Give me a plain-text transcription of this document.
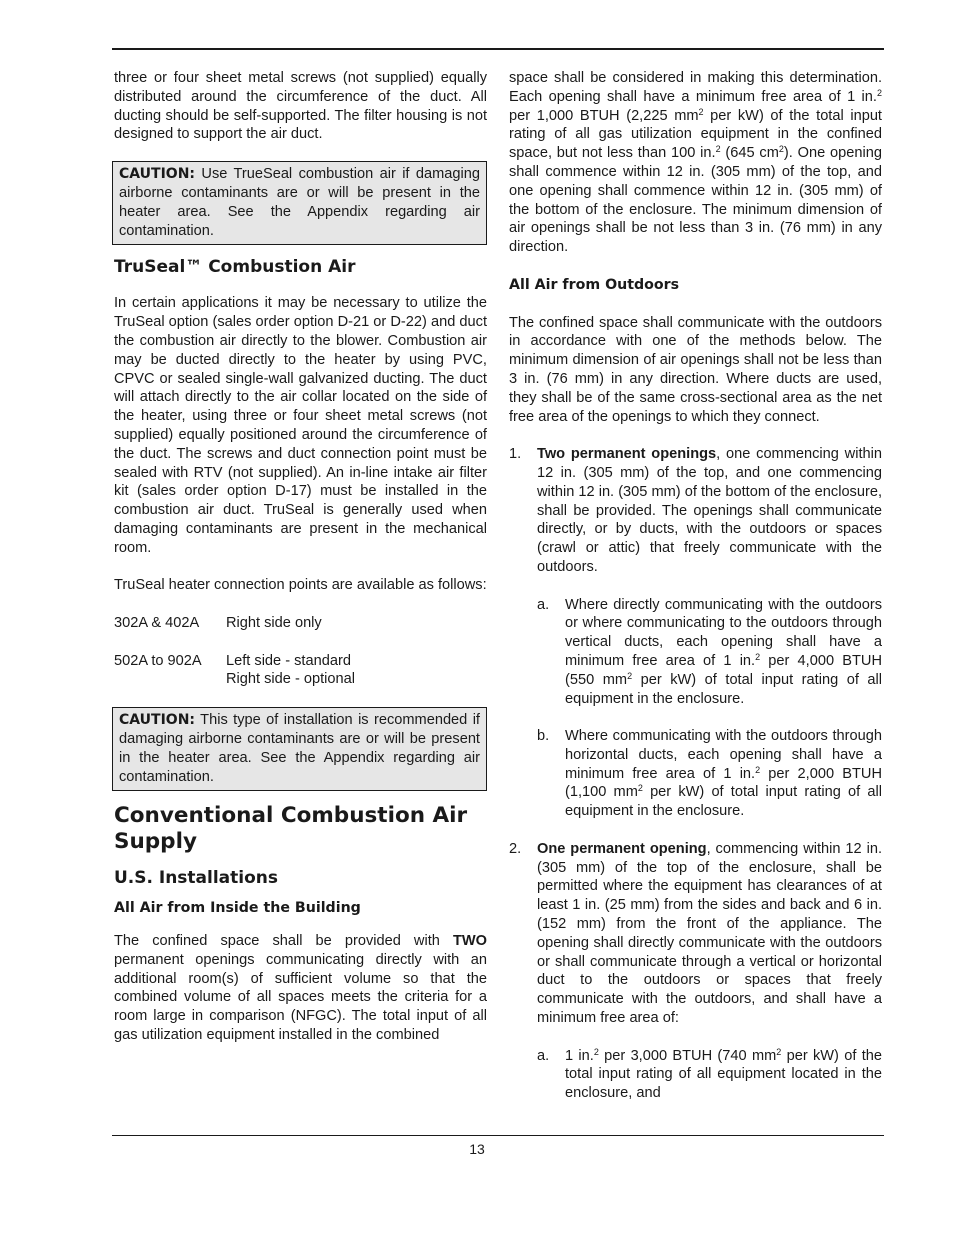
three or four sheet metal screws (not supplied) equally distributed around the circumference of the duct. All ducting should be self-supported. The filter housing is not designed to support the air duct.

CAUTION: Use TrueSeal combustion air if damaging airborne contaminants are or will be present in the heater area. See the Appendix regarding air contamination.

TruSeal™ Combustion Air

In certain applications it may be necessary to utilize the TruSeal option (sales order option D-21 or D-22) and duct the combustion air directly to the blower. Combustion air may be ducted directly to the heater by using PVC, CPVC or sealed single-wall galvanized ducting. The duct will attach directly to the air collar located on the side of the heater, using three or four sheet metal screws (not supplied) equally positioned around the circumference of the duct. The screws and duct connection point must be sealed with RTV (not supplied). An in-line intake air filter kit (sales order option D-17) must be installed in the combustion air duct. TruSeal is generally used when damaging contaminants are present in the mechanical room.

TruSeal heater connection points are available as follows:

302A & 402A	Right side only
502A to 902A	Left side - standard
Right side - optional

CAUTION: This type of installation is recommended if damaging airborne contaminants are or will be present in the heater area. See the Appendix regarding air contamination.

Conventional Combustion Air Supply
U.S. Installations
All Air from Inside the Building

The confined space shall be provided with TWO permanent openings communicating directly with an additional room(s) of sufficient volume so that the combined volume of all spaces meets the criteria for a room large in comparison (NFGC). The total input of all gas utilization equipment installed in the combined

space shall be considered in making this determination. Each opening shall have a minimum free area of 1 in.$^2$ per 1,000 BTUH (2,225 $mm^2$ per kW) of the total input rating of all gas utilization equipment in the confined space, but not less than 100 in.$^2$ (645 $cm^2$). One opening shall commence within 12 in. (305 mm) of the top, and one opening shall commence within 12 in. (305 mm) of the bottom of the enclosure. The minimum dimension of air openings shall be not less than 3 in. (76 mm) in any direction.

All Air from Outdoors

The confined space shall communicate with the outdoors in accordance with one of the methods below. The minimum dimension of air openings shall not be less than 3 in. (76 mm) in any direction. Where ducts are used, they shall be of the same cross-sectional area as the net free area of the openings to which they connect.

1.	Two permanent openings, one commencing within 12 in. (305 mm) of the top, and one commencing within 12 in. (305 mm) of the bottom of the enclosure, shall be provided. The openings shall communicate directly, or by ducts, with the outdoors or spaces (crawl or attic) that freely communicate with the outdoors.
a.	Where directly communicating with the outdoors or where communicating to the outdoors through vertical ducts, each opening shall have a minimum free area of 1 in.$^2$ per 4,000 BTUH (550 $mm^2$ per kW) of total input rating of all equipment in the enclosure.
b.	Where communicating with the outdoors through horizontal ducts, each opening shall have a minimum free area of 1 in.$^2$ per 2,000 BTUH (1,100 $mm^2$ per kW) of total input rating of all equipment in the enclosure.
2.	One permanent opening, commencing within 12 in. (305 mm) of the top of the enclosure, shall be permitted where the equipment has clearances of at least 1 in. (25 mm) from the sides and back and 6 in. (152 mm) from the front of the appliance. The opening shall directly communicate with the outdoors or shall communicate through a vertical or horizontal duct to the outdoors or spaces that freely communicate with the outdoors, and shall have a minimum free area of:
a.	1 in.$^2$ per 3,000 BTUH (740 $mm^2$ per kW) of the total input rating of all equipment located in the enclosure, and
13
